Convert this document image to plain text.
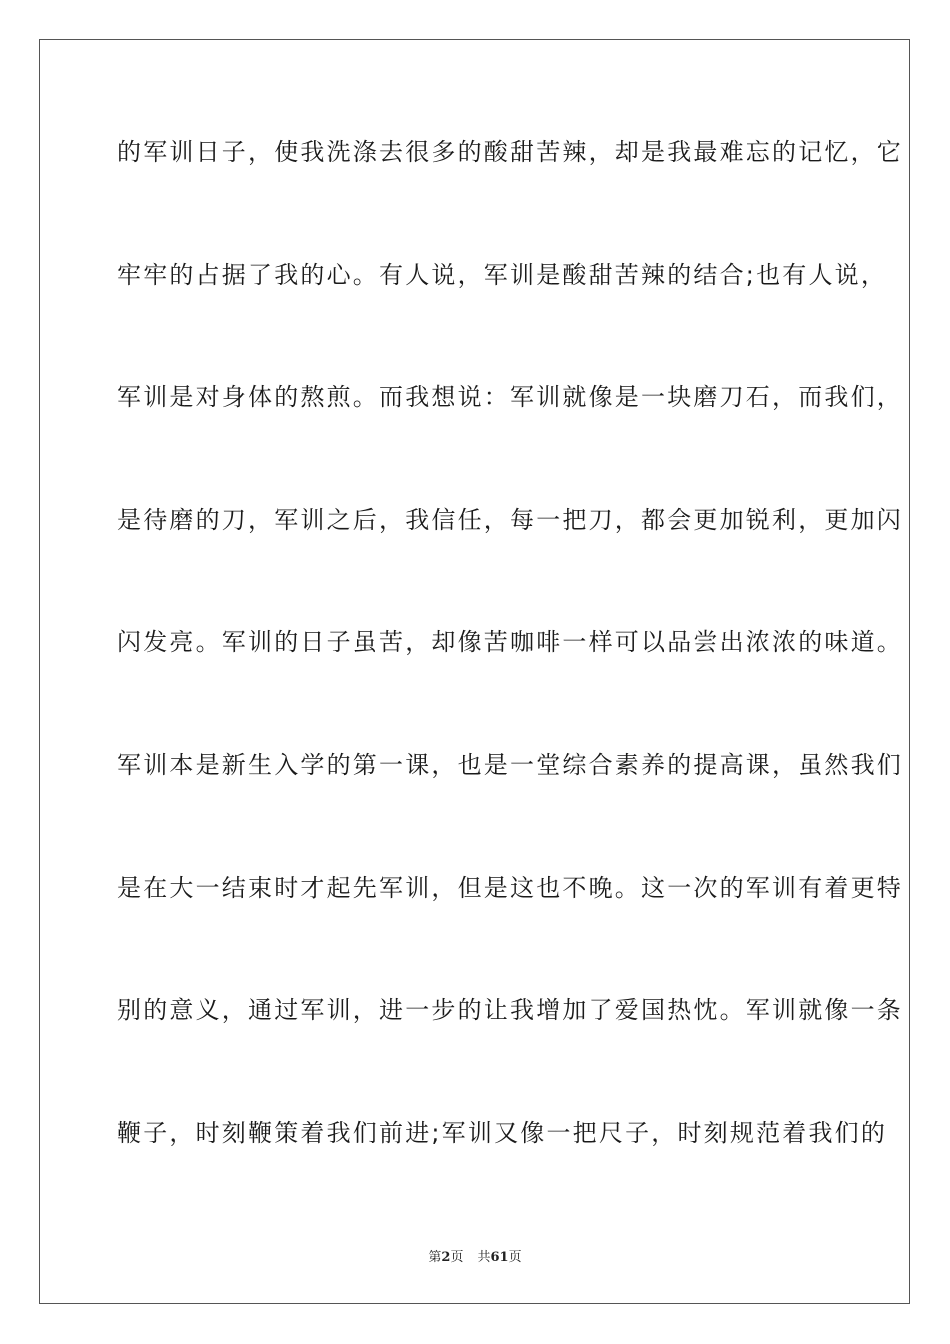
的军训日子，使我洗涤去很多的酸甜苦辣，却是我最难忘的记忆，它
牢牢的占据了我的心。有人说，军训是酸甜苦辣的结合;也有人说，
军训是对身体的熬煎。而我想说：军训就像是一块磨刀石，而我们，
是待磨的刀，军训之后，我信任，每一把刀，都会更加锐利，更加闪
闪发亮。军训的日子虽苦，却像苦咖啡一样可以品尝出浓浓的味道。
军训本是新生入学的第一课，也是一堂综合素养的提高课，虽然我们
是在大一结束时才起先军训，但是这也不晚。这一次的军训有着更特
别的意义，通过军训，进一步的让我增加了爱国热忱。军训就像一条
鞭子，时刻鞭策着我们前进;军训又像一把尺子，时刻规范着我们的
第2页 共61页
